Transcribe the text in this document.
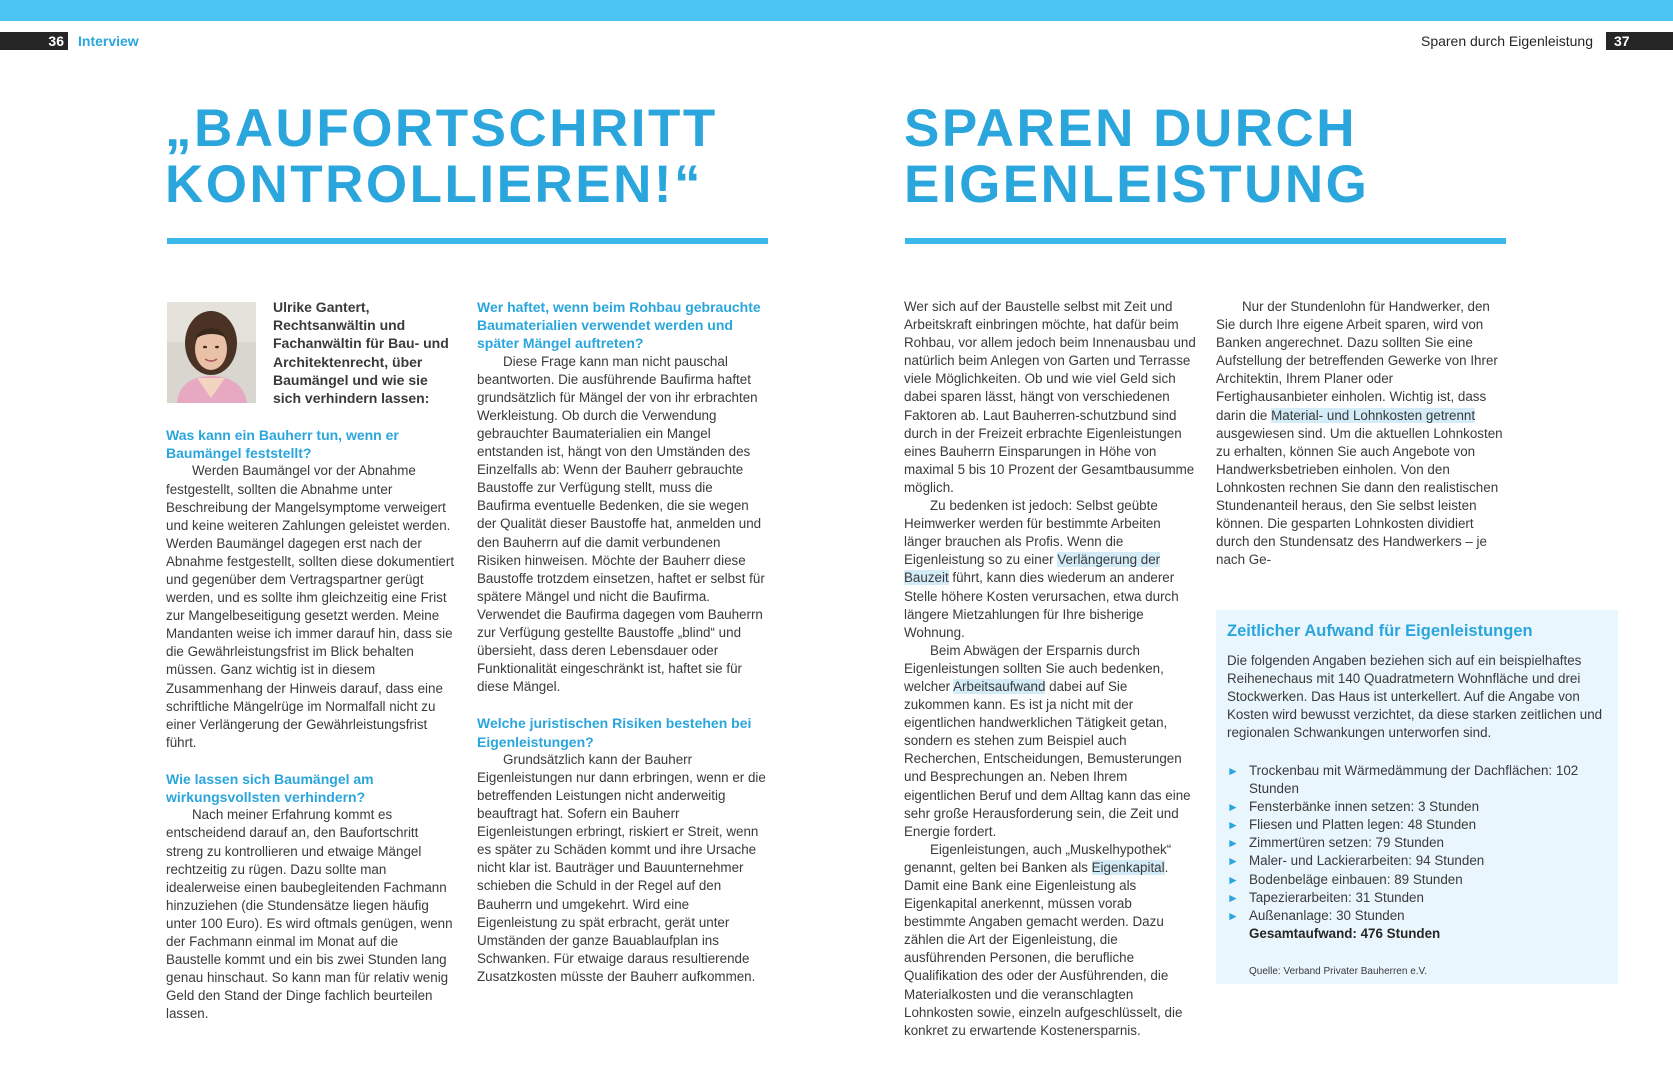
36 Interview	Sparen durch Eigenleistung	37
„BAUFORTSCHRITT
KONTROLLIEREN!“
SPAREN DURCH
EIGENLEISTUNG
Ulrike Gantert, Rechtsanwältin und Fachanwältin für Bau- und Architektenrecht, über Baumängel und wie sie sich verhindern lassen:

Was kann ein Bauherr tun, wenn er Baumängel feststellt?

Werden Baumängel vor der Abnahme festgestellt, sollten die Abnahme unter Beschreibung der Mangelsymptome verweigert und keine weiteren Zahlungen geleistet werden. Werden Baumängel dagegen erst nach der Abnahme festgestellt, sollten diese dokumentiert und gegenüber dem Vertragspartner gerügt werden, und es sollte ihm gleichzeitig eine Frist zur Mangelbeseitigung gesetzt werden. Meine Mandanten weise ich immer darauf hin, dass sie die Gewährleistungsfrist im Blick behalten müssen. Ganz wichtig ist in diesem Zusammenhang der Hinweis darauf, dass eine schriftliche Mängelrüge im Normalfall nicht zu einer Verlängerung der Gewährleistungsfrist führt.

Wie lassen sich Baumängel am wirkungsvollsten verhindern?

Nach meiner Erfahrung kommt es entscheidend darauf an, den Baufortschritt streng zu kontrollieren und etwaige Mängel rechtzeitig zu rügen. Dazu sollte man idealerweise einen baubegleitenden Fachmann hinzuziehen (die Stundensätze liegen häufig unter 100 Euro). Es wird oftmals genügen, wenn der Fachmann einmal im Monat auf die Baustelle kommt und ein bis zwei Stunden lang genau hinschaut. So kann man für relativ wenig Geld den Stand der Dinge fachlich beurteilen lassen.

Wer haftet, wenn beim Rohbau gebrauchte Baumaterialien verwendet werden und später Mängel auftreten?

Diese Frage kann man nicht pauschal beantworten. Die ausführende Baufirma haftet grundsätzlich für Mängel der von ihr erbrachten Werkleistung. Ob durch die Verwendung gebrauchter Baumaterialien ein Mangel entstanden ist, hängt von den Umständen des Einzelfalls ab: Wenn der Bauherr gebrauchte Baustoffe zur Verfügung stellt, muss die Baufirma eventuelle Bedenken, die sie wegen der Qualität dieser Baustoffe hat, anmelden und den Bauherrn auf die damit verbundenen Risiken hinweisen. Möchte der Bauherr diese Baustoffe trotzdem einsetzen, haftet er selbst für spätere Mängel und nicht die Baufirma. Verwendet die Baufirma dagegen vom Bauherrn zur Verfügung gestellte Baustoffe „blind“ und übersieht, dass deren Lebensdauer oder Funktionalität eingeschränkt ist, haftet sie für diese Mängel.

Welche juristischen Risiken bestehen bei Eigenleistungen?

Grundsätzlich kann der Bauherr Eigenleistungen nur dann erbringen, wenn er die betreffenden Leistungen nicht anderweitig beauftragt hat. Sofern ein Bauherr Eigenleistungen erbringt, riskiert er Streit, wenn es später zu Schäden kommt und ihre Ursache nicht klar ist. Bauträger und Bauunternehmer schieben die Schuld in der Regel auf den Bauherrn und umgekehrt. Wird eine Eigenleistung zu spät erbracht, gerät unter Umständen der ganze Bauablaufplan ins Schwanken. Für etwaige daraus resultierende Zusatzkosten müsste der Bauherr aufkommen.

Wer sich auf der Baustelle selbst mit Zeit und Arbeitskraft einbringen möchte, hat dafür beim Rohbau, vor allem jedoch beim Innenausbau und natürlich beim Anlegen von Garten und Terrasse viele Möglichkeiten. Ob und wie viel Geld sich dabei sparen lässt, hängt von verschiedenen Faktoren ab. Laut Bauherren-schutzbund sind durch in der Freizeit erbrachte Eigenleistungen eines Bauherrn Einsparungen in Höhe von maximal 5 bis 10 Prozent der Gesamtbausumme möglich.

Zu bedenken ist jedoch: Selbst geübte Heimwerker werden für bestimmte Arbeiten länger brauchen als Profis. Wenn die Eigenleistung so zu einer Verlängerung der Bauzeit führt, kann dies wiederum an anderer Stelle höhere Kosten verursachen, etwa durch längere Mietzahlungen für Ihre bisherige Wohnung.

Beim Abwägen der Ersparnis durch Eigenleistungen sollten Sie auch bedenken, welcher Arbeitsaufwand dabei auf Sie zukommen kann. Es ist ja nicht mit der eigentlichen handwerklichen Tätigkeit getan, sondern es stehen zum Beispiel auch Recherchen, Entscheidungen, Bemusterungen und Besprechungen an. Neben Ihrem eigentlichen Beruf und dem Alltag kann das eine sehr große Herausforderung sein, die Zeit und Energie fordert.

Eigenleistungen, auch „Muskelhypothek“ genannt, gelten bei Banken als Eigenkapital. Damit eine Bank eine Eigenleistung als Eigenkapital anerkennt, müssen vorab bestimmte Angaben gemacht werden. Dazu zählen die Art der Eigenleistung, die ausführenden Personen, die berufliche Qualifikation des oder der Ausführenden, die Materialkosten und die veranschlagten Lohnkosten sowie, einzeln aufgeschlüsselt, die konkret zu erwartende Kostenersparnis.

Nur der Stundenlohn für Handwerker, den Sie durch Ihre eigene Arbeit sparen, wird von Banken angerechnet. Dazu sollten Sie eine Aufstellung der betreffenden Gewerke von Ihrer Architektin, Ihrem Planer oder Fertighausanbieter einholen. Wichtig ist, dass darin die Material- und Lohnkosten getrennt ausgewiesen sind. Um die aktuellen Lohnkosten zu erhalten, können Sie auch Angebote von Handwerksbetrieben einholen. Von den Lohnkosten rechnen Sie dann den realistischen Stundenanteil heraus, den Sie selbst leisten können. Die gesparten Lohnkosten dividiert durch den Stundensatz des Handwerkers – je nach Ge-

Zeitlicher Aufwand für Eigenleistungen
Die folgenden Angaben beziehen sich auf ein beispielhaftes Reihenechaus mit 140 Quadratmetern Wohnfläche und drei Stockwerken. Das Haus ist unterkellert. Auf die Angabe von Kosten wird bewusst verzichtet, da diese starken zeitlichen und regionalen Schwankungen unterworfen sind.
► Trockenbau mit Wärmedämmung der Dachflächen: 102 Stunden
► Fensterbänke innen setzen: 3 Stunden
► Fliesen und Platten legen: 48 Stunden
► Zimmertüren setzen: 79 Stunden
► Maler- und Lackierarbeiten: 94 Stunden
► Bodenbeläge einbauen: 89 Stunden
► Tapezierarbeiten: 31 Stunden
► Außenanlage: 30 Stunden
Gesamtaufwand: 476 Stunden
Quelle: Verband Privater Bauherren e.V.
